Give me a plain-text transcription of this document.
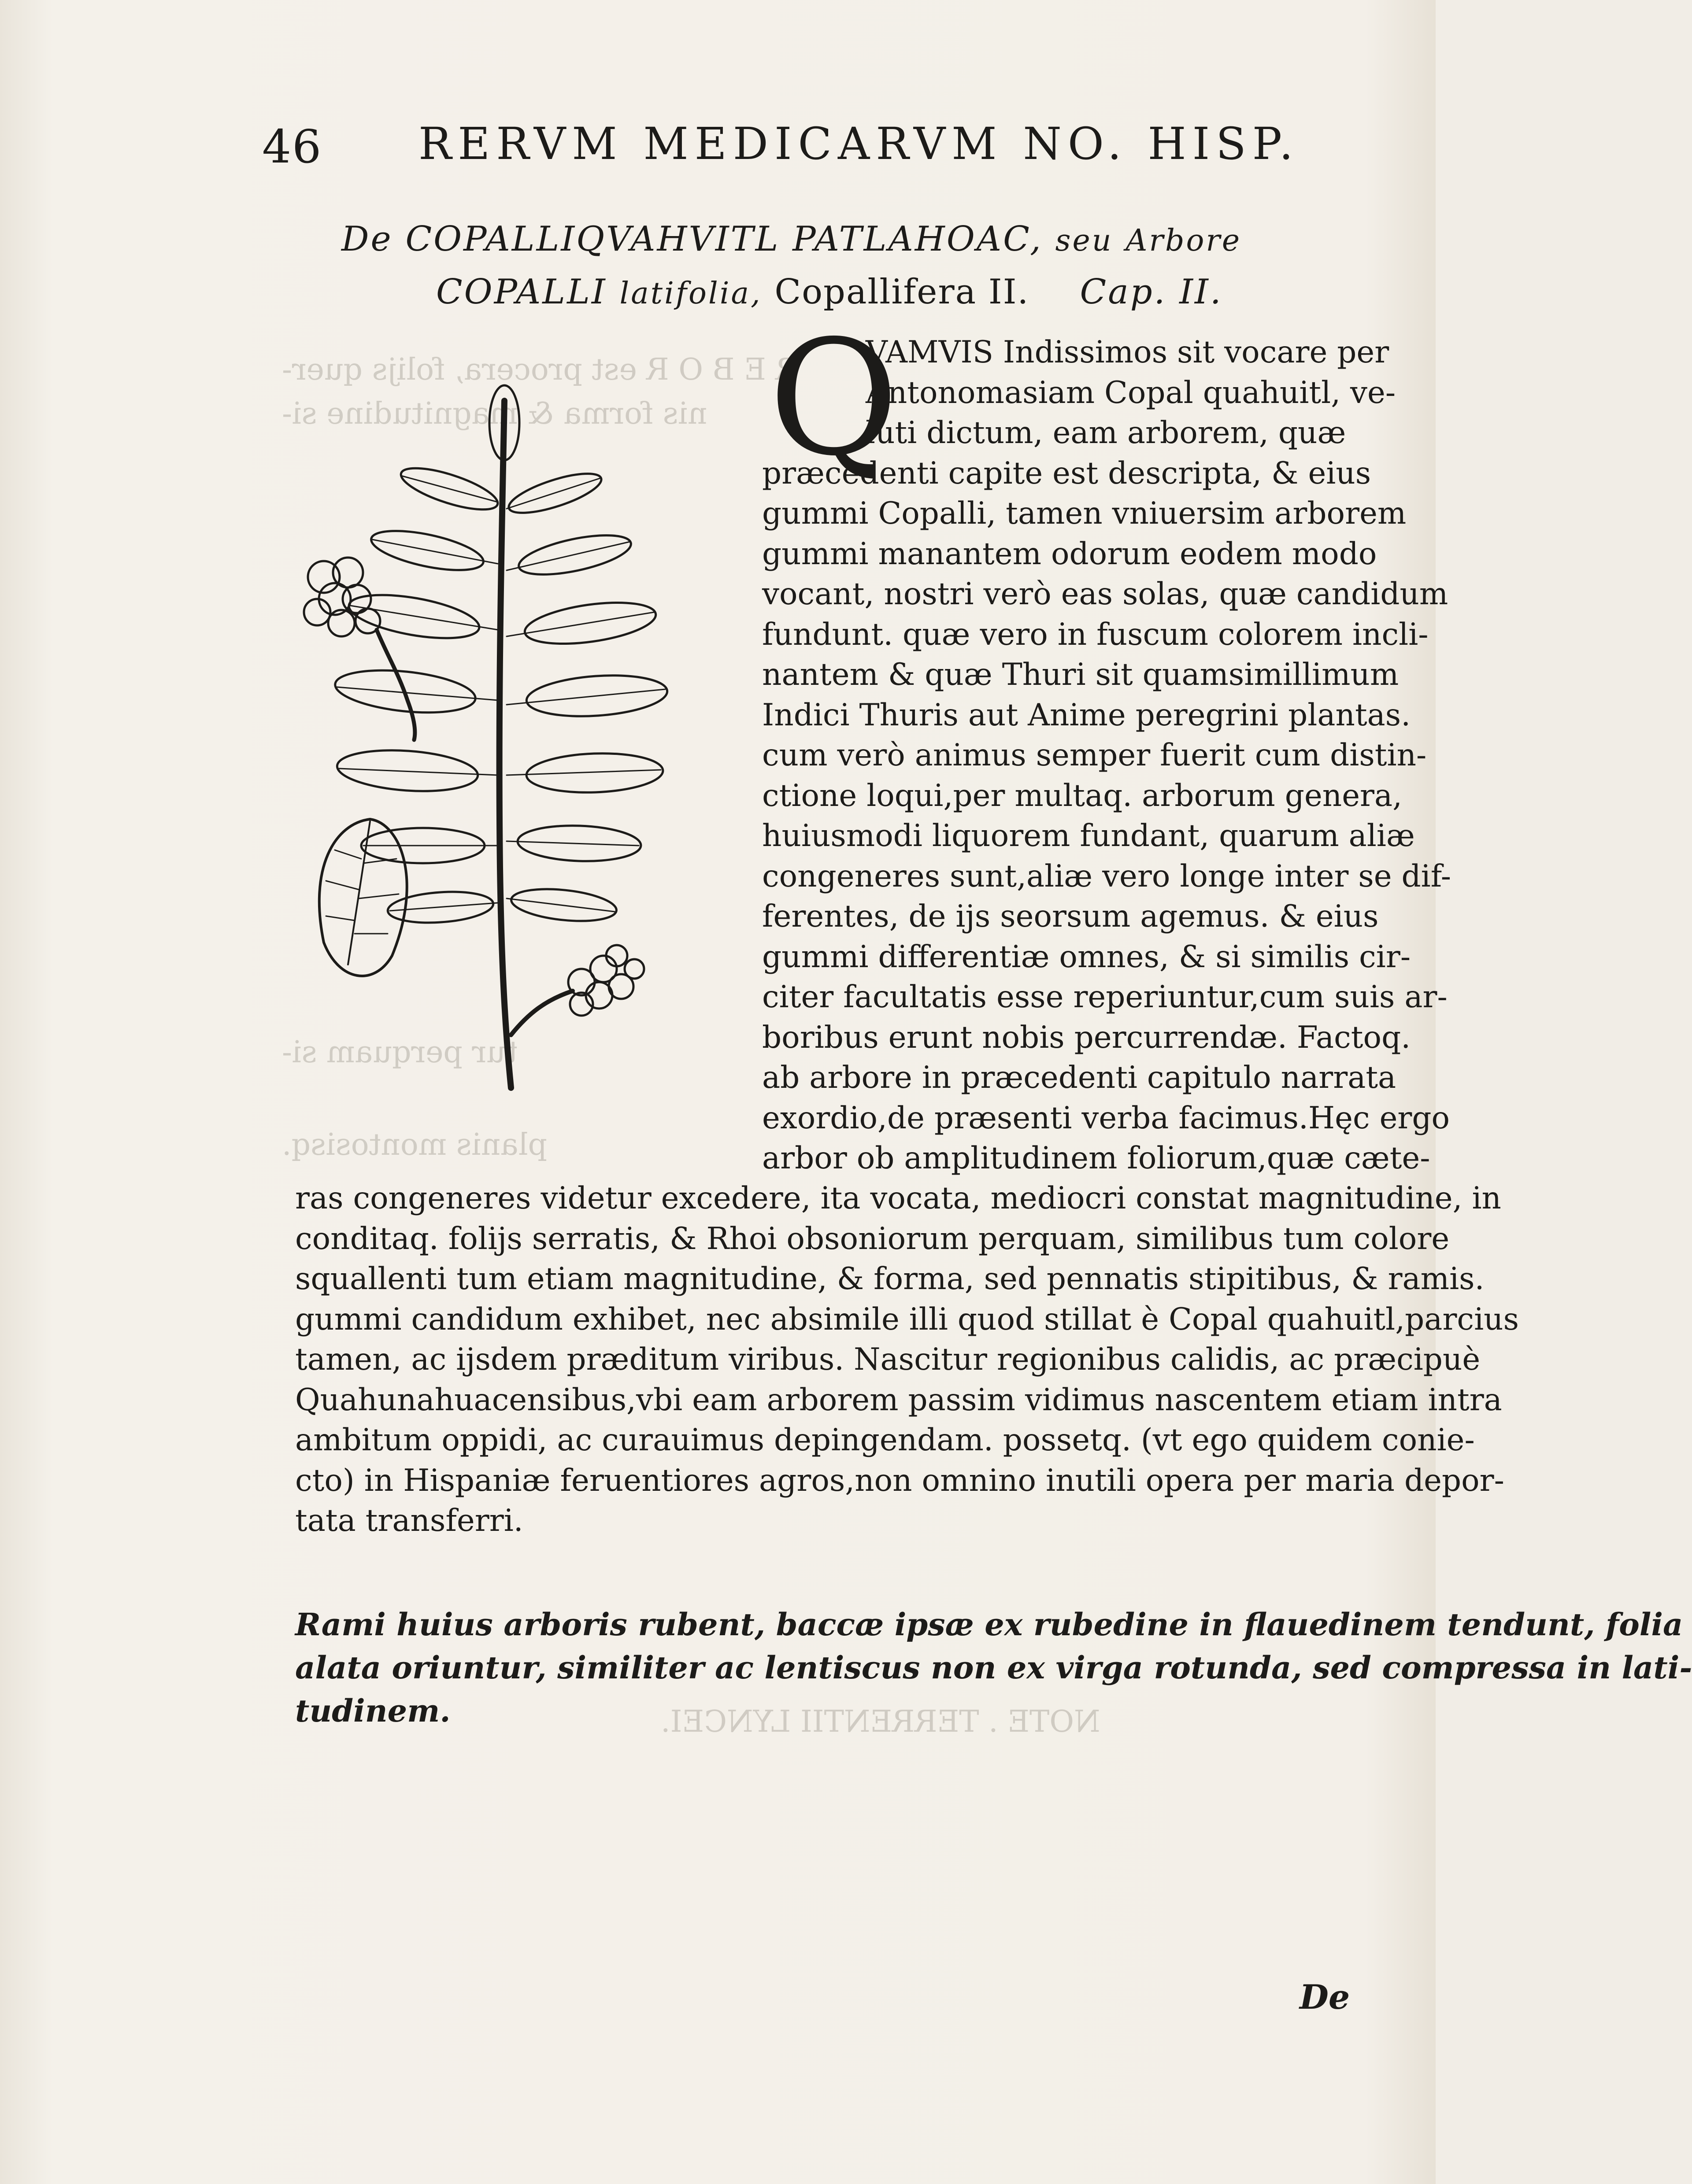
R E B O R est procera, folijs quer-
nis forma & magnitudine si-
tur perquam si-
planis montosisq.
NOTE . TERRENTII LYNCEI.
46 RERVM MEDICARVM NO. HISP.
De COPALLIQVAHVITL PATLAHOAC, seu Arbore
COPALLI latifolia, Copallifera II. Cap. II.
Q
VAMVIS Indissimos sit vocare per
Antonomasiam Copal quahuitl, ve-
luti dictum, eam arborem, quæ
præcedenti capite est descripta, & eius
gummi Copalli, tamen vniuersim arborem
gummi manantem odorum eodem modo
vocant, nostri verò eas solas, quæ candidum
fundunt. quæ vero in fuscum colorem incli-
nantem & quæ Thuri sit quamsimillimum
Indici Thuris aut Anime peregrini plantas.
cum verò animus semper fuerit cum distin-
ctione loqui,per multaq. arborum genera,
huiusmodi liquorem fundant, quarum aliæ
congeneres sunt,aliæ vero longe inter se dif-
ferentes, de ijs seorsum agemus. & eius
gummi differentiæ omnes, & si similis cir-
citer facultatis esse reperiuntur,cum suis ar-
boribus erunt nobis percurrendæ. Factoq.
ab arbore in præcedenti capitulo narrata
exordio,de præsenti verba facimus.Hęc ergo
arbor ob amplitudinem foliorum,quæ cæte-
ras congeneres videtur excedere, ita vocata, mediocri constat magnitudine, in
conditaq. folijs serratis, & Rhoi obsoniorum perquam, similibus tum colore
squallenti tum etiam magnitudine, & forma, sed pennatis stipitibus, & ramis.
gummi candidum exhibet, nec absimile illi quod stillat è Copal quahuitl,parcius
tamen, ac ijsdem præditum viribus. Nascitur regionibus calidis, ac præcipuè
Quahunahuacensibus,vbi eam arborem passim vidimus nascentem etiam intra
ambitum oppidi, ac curauimus depingendam. possetq. (vt ego quidem conie-
cto) in Hispaniæ feruentiores agros,non omnino inutili opera per maria depor-
tata transferri.
Rami huius arboris rubent, baccæ ipsæ ex rubedine in flauedinem tendunt, folia
alata oriuntur, similiter ac lentiscus non ex virga rotunda, sed compressa in lati-
tudinem.
De
